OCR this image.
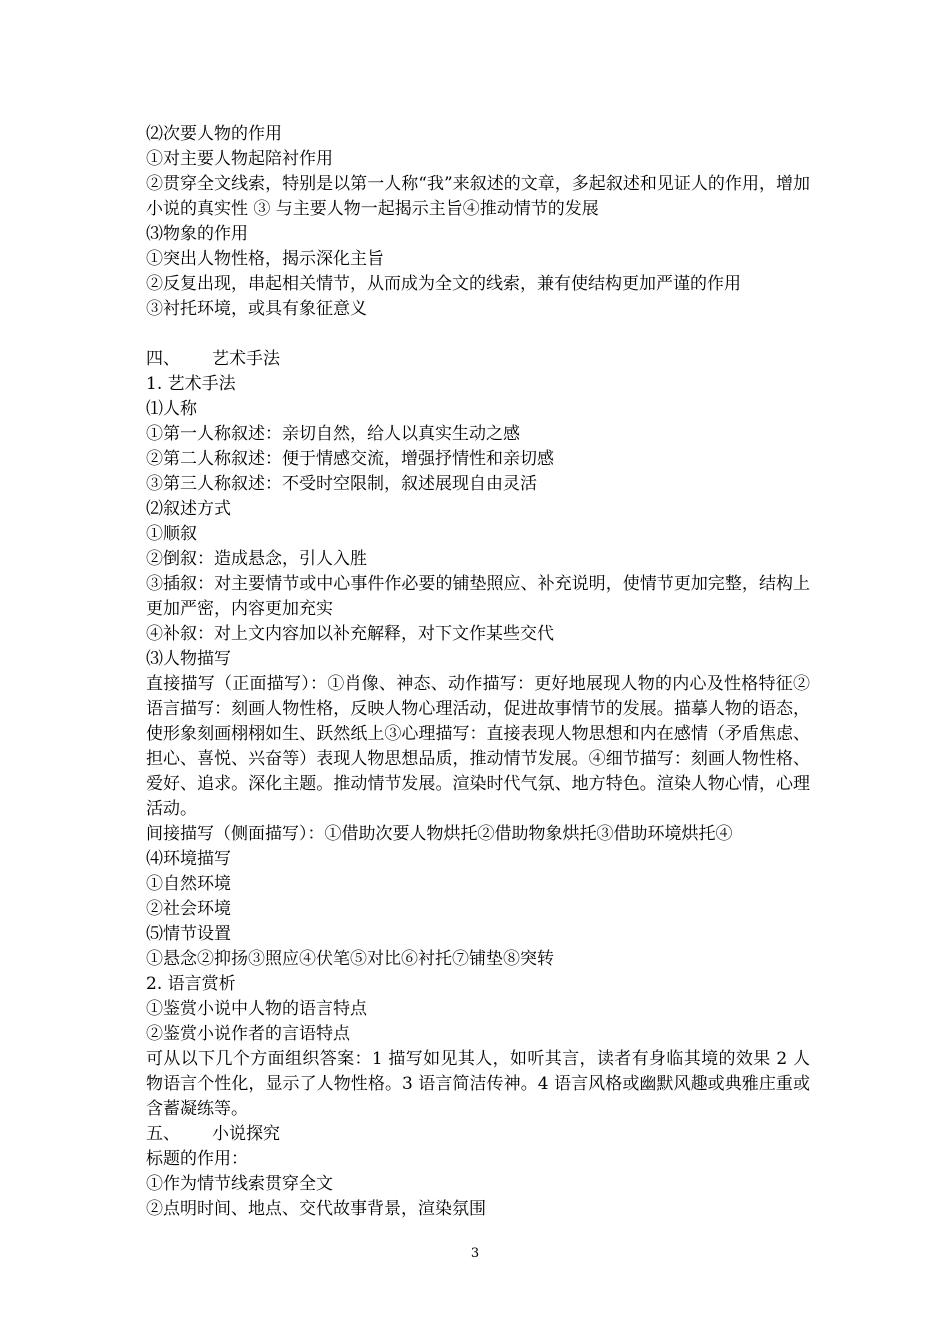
⑵次要人物的作用
①对主要人物起陪衬作用
②贯穿全文线索，特别是以第一人称“我”来叙述的文章，多起叙述和见证人的作用，增加小说的真实性 ③ 与主要人物一起揭示主旨④推动情节的发展
⑶物象的作用
①突出人物性格，揭示深化主旨
②反复出现，串起相关情节，从而成为全文的线索，兼有使结构更加严谨的作用
③衬托环境，或具有象征意义
四、 艺术手法
1. 艺术手法
⑴人称
①第一人称叙述：亲切自然，给人以真实生动之感
②第二人称叙述：便于情感交流，增强抒情性和亲切感
③第三人称叙述：不受时空限制，叙述展现自由灵活
⑵叙述方式
①顺叙
②倒叙：造成悬念，引人入胜
③插叙：对主要情节或中心事件作必要的铺垫照应、补充说明，使情节更加完整，结构上更加严密，内容更加充实
④补叙：对上文内容加以补充解释，对下文作某些交代
⑶人物描写
直接描写（正面描写）：①肖像、神态、动作描写：更好地展现人物的内心及性格特征②语言描写：刻画人物性格，反映人物心理活动，促进故事情节的发展。描摹人物的语态，使形象刻画栩栩如生、跃然纸上③心理描写：直接表现人物思想和内在感情（矛盾焦虑、担心、喜悦、兴奋等）表现人物思想品质，推动情节发展。④细节描写：刻画人物性格、爱好、追求。深化主题。推动情节发展。渲染时代气氛、地方特色。渲染人物心情，心理活动。
间接描写（侧面描写）：①借助次要人物烘托②借助物象烘托③借助环境烘托④
⑷环境描写
①自然环境
②社会环境
⑸情节设置
①悬念②抑扬③照应④伏笔⑤对比⑥衬托⑦铺垫⑧突转
2. 语言赏析
①鉴赏小说中人物的语言特点
②鉴赏小说作者的言语特点
可从以下几个方面组织答案：1 描写如见其人，如听其言，读者有身临其境的效果 2 人物语言个性化，显示了人物性格。3 语言简洁传神。4 语言风格或幽默风趣或典雅庄重或含蓄凝练等。
五、 小说探究
标题的作用：
①作为情节线索贯穿全文
②点明时间、地点、交代故事背景，渲染氛围
3
